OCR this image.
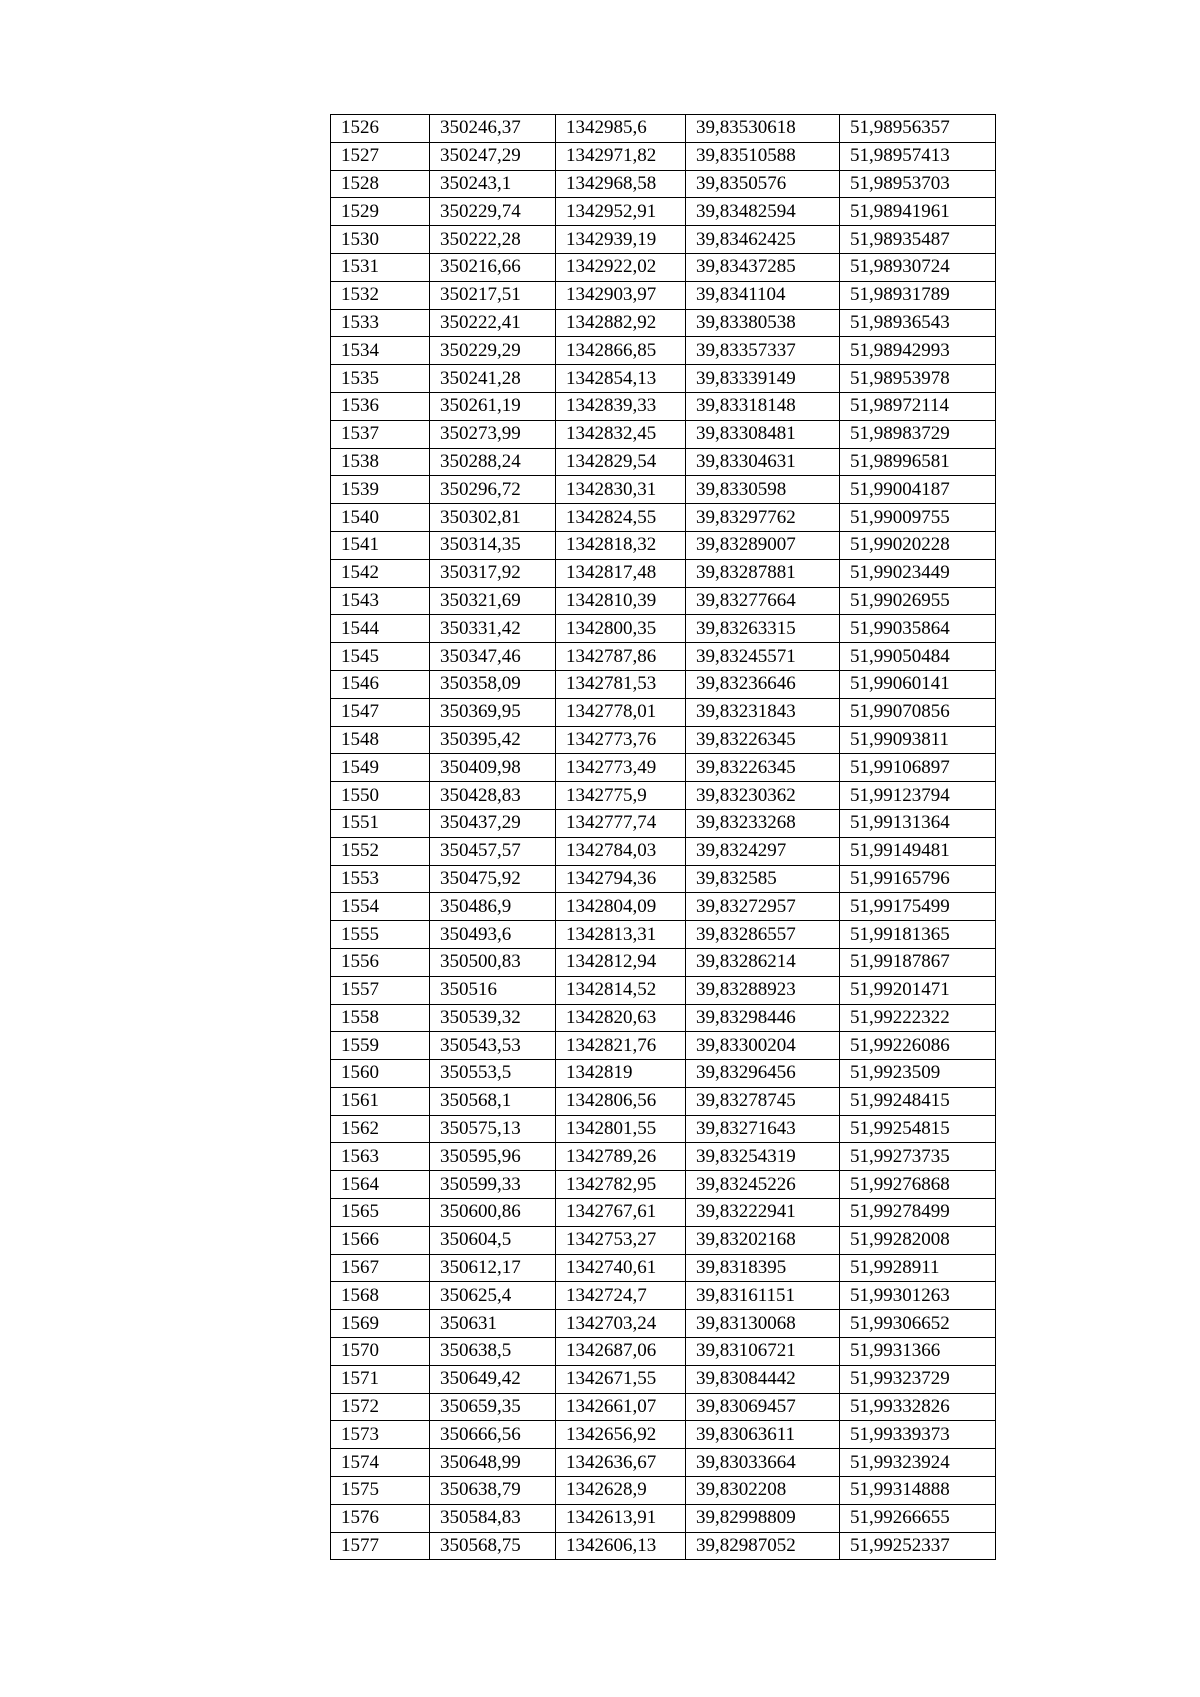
1526	350246,37	1342985,6	39,83530618	51,98956357
1527	350247,29	1342971,82	39,83510588	51,98957413
1528	350243,1	1342968,58	39,8350576	51,98953703
1529	350229,74	1342952,91	39,83482594	51,98941961
1530	350222,28	1342939,19	39,83462425	51,98935487
1531	350216,66	1342922,02	39,83437285	51,98930724
1532	350217,51	1342903,97	39,8341104	51,98931789
1533	350222,41	1342882,92	39,83380538	51,98936543
1534	350229,29	1342866,85	39,83357337	51,98942993
1535	350241,28	1342854,13	39,83339149	51,98953978
1536	350261,19	1342839,33	39,83318148	51,98972114
1537	350273,99	1342832,45	39,83308481	51,98983729
1538	350288,24	1342829,54	39,83304631	51,98996581
1539	350296,72	1342830,31	39,8330598	51,99004187
1540	350302,81	1342824,55	39,83297762	51,99009755
1541	350314,35	1342818,32	39,83289007	51,99020228
1542	350317,92	1342817,48	39,83287881	51,99023449
1543	350321,69	1342810,39	39,83277664	51,99026955
1544	350331,42	1342800,35	39,83263315	51,99035864
1545	350347,46	1342787,86	39,83245571	51,99050484
1546	350358,09	1342781,53	39,83236646	51,99060141
1547	350369,95	1342778,01	39,83231843	51,99070856
1548	350395,42	1342773,76	39,83226345	51,99093811
1549	350409,98	1342773,49	39,83226345	51,99106897
1550	350428,83	1342775,9	39,83230362	51,99123794
1551	350437,29	1342777,74	39,83233268	51,99131364
1552	350457,57	1342784,03	39,8324297	51,99149481
1553	350475,92	1342794,36	39,832585	51,99165796
1554	350486,9	1342804,09	39,83272957	51,99175499
1555	350493,6	1342813,31	39,83286557	51,99181365
1556	350500,83	1342812,94	39,83286214	51,99187867
1557	350516	1342814,52	39,83288923	51,99201471
1558	350539,32	1342820,63	39,83298446	51,99222322
1559	350543,53	1342821,76	39,83300204	51,99226086
1560	350553,5	1342819	39,83296456	51,9923509
1561	350568,1	1342806,56	39,83278745	51,99248415
1562	350575,13	1342801,55	39,83271643	51,99254815
1563	350595,96	1342789,26	39,83254319	51,99273735
1564	350599,33	1342782,95	39,83245226	51,99276868
1565	350600,86	1342767,61	39,83222941	51,99278499
1566	350604,5	1342753,27	39,83202168	51,99282008
1567	350612,17	1342740,61	39,8318395	51,9928911
1568	350625,4	1342724,7	39,83161151	51,99301263
1569	350631	1342703,24	39,83130068	51,99306652
1570	350638,5	1342687,06	39,83106721	51,9931366
1571	350649,42	1342671,55	39,83084442	51,99323729
1572	350659,35	1342661,07	39,83069457	51,99332826
1573	350666,56	1342656,92	39,83063611	51,99339373
1574	350648,99	1342636,67	39,83033664	51,99323924
1575	350638,79	1342628,9	39,8302208	51,99314888
1576	350584,83	1342613,91	39,82998809	51,99266655
1577	350568,75	1342606,13	39,82987052	51,99252337
